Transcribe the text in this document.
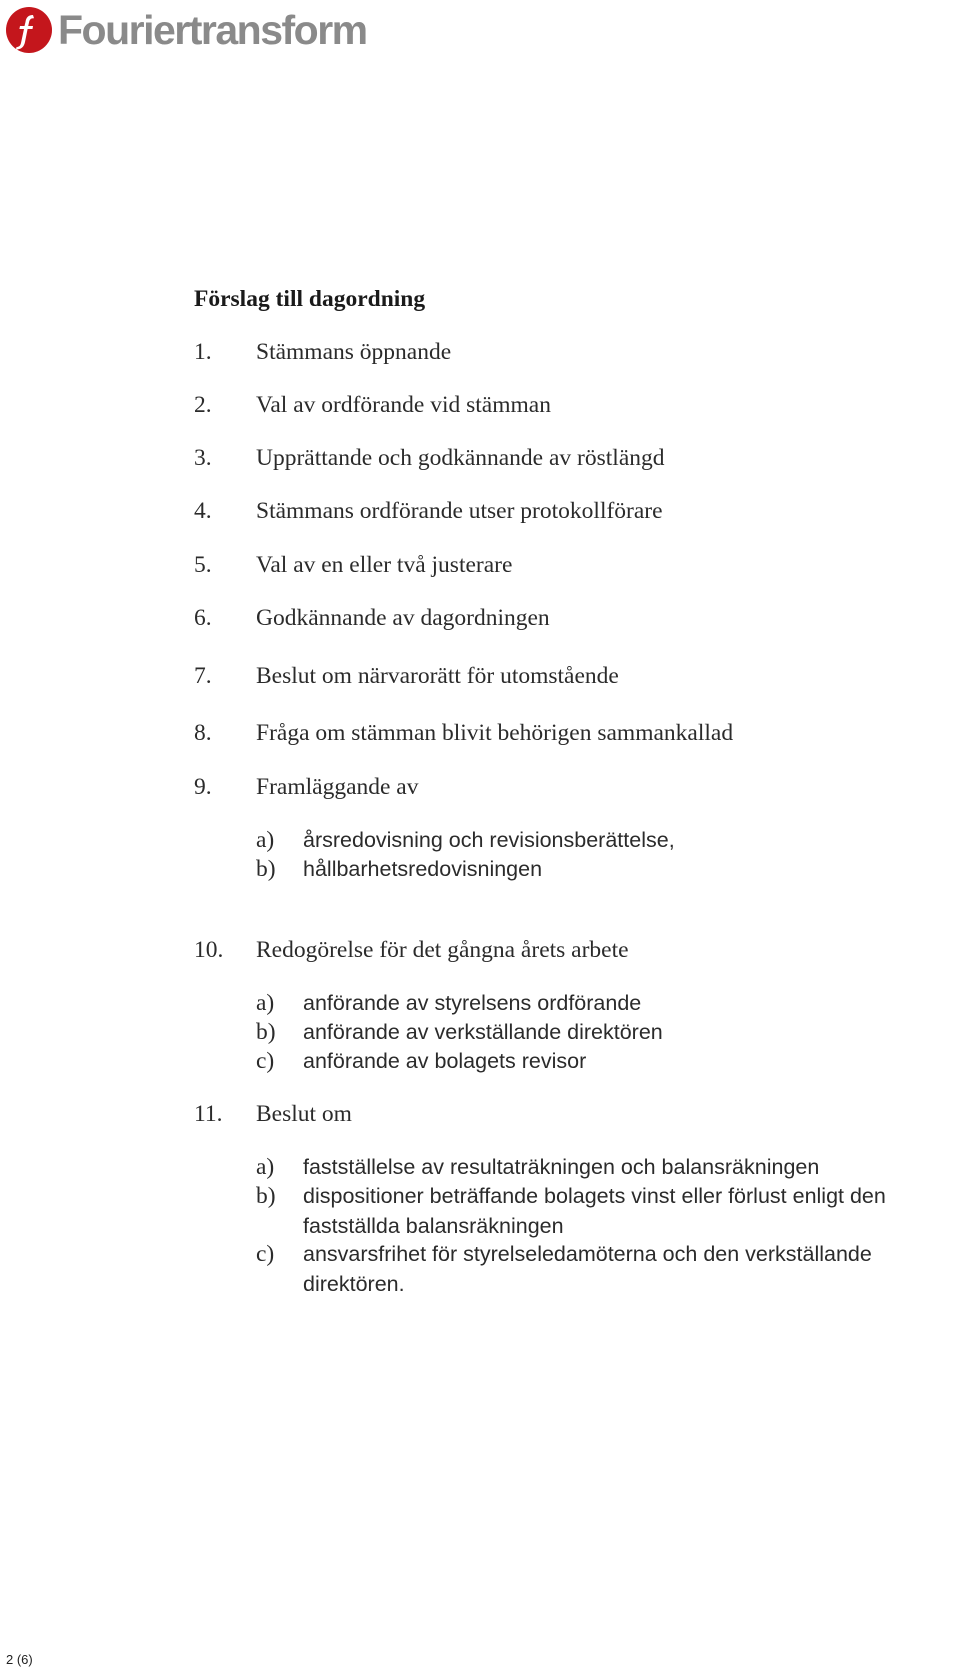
Fouriertransform
Förslag till dagordning
1. Stämmans öppnande
2. Val av ordförande vid stämman
3. Upprättande och godkännande av röstlängd
4. Stämmans ordförande utser protokollförare
5. Val av en eller två justerare
6. Godkännande av dagordningen
7. Beslut om närvarorätt för utomstående
8. Fråga om stämman blivit behörigen sammankallad
9. Framläggande av
a) årsredovisning och revisionsberättelse,
b) hållbarhetsredovisningen
10. Redogörelse för det gångna årets arbete
a) anförande av styrelsens ordförande
b) anförande av verkställande direktören
c) anförande av bolagets revisor
11. Beslut om
a) fastställelse av resultaträkningen och balansräkningen
b) dispositioner beträffande bolagets vinst eller förlust enligt den fastställda balansräkningen
c) ansvarsfrihet för styrelseledamöterna och den verkställande direktören.
2 (6)
